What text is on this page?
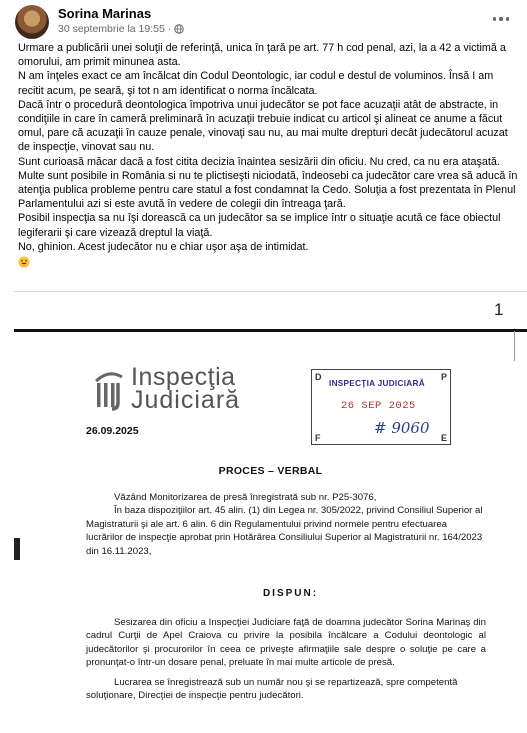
Sorina Marinas
30 septembrie la 19:55 ·

Urmare a publicării unei soluţii de referinţă, unica în ţară pe art. 77 h cod penal, azi, la a 42 a victimă a omorului, am primit minunea asta.

N am înţeles exact ce am încălcat din Codul Deontologic, iar codul e destul de voluminos. Însă I am recitit acum, pe seară, şi tot n am identificat o norma încălcata.

Dacă într o procedură deontologica împotriva unui judecător se pot face acuzaţii atât de abstracte, in condiţiile in care în cameră preliminară în acuzaţii trebuie indicat cu articol şi alineat ce anume a făcut omul, pare că acuzaţii în cauze penale, vinovaţi sau nu, au mai multe drepturi decât judecătorul acuzat de inspecţie, vinovat sau nu.

Sunt curioasă măcar dacă a fost citita decizia înaintea sesizării din oficiu. Nu cred, ca nu era ataşată. Multe sunt posibile in România si nu te plictiseşti niciodată, îndeosebi ca judecător care vrea să aducă în atenţia publica probleme pentru care statul a fost condamnat la Cedo. Soluţia a fost prezentata în Plenul Parlamentului azi si este avută în vedere de colegii din întreaga ţară.

Posibil inspecţia sa nu îşi dorească ca un judecător sa se implice într o situaţie acută ce face obiectul legiferarii şi care vizează dreptul la viaţă.

No, ghinion. Acest judecător nu e chiar uşor aşa de intimidat.

1
Inspecţia
Judiciară
26.09.2025
D	P
F	E
INSPECŢIA JUDICIARĂ
26 SEP 2025
# 9060
PROCES – VERBAL
Văzând Monitorizarea de presă înregistrată sub nr. P25-3076,
În baza dispoziţiilor art. 45 alin. (1) din Legea nr. 305/2022, privind Consiliul Superior al Magistraturii şi ale art. 6 alin. 6 din Regulamentului privind normele pentru efectuarea lucrărilor de inspecţie aprobat prin Hotărârea Consiliului Superior al Magistraturii nr. 164/2023 din 16.11.2023,
DISPUN:
Sesizarea din oficiu a Inspecţiei Judiciare faţă de doamna judecător Sorina Marinaş din cadrul Curţii de Apel Craiova cu privire la posibila încălcare a Codului deontologic al judecătorilor şi procurorilor în ceea ce priveşte afirmaţiile sale despre o soluţie pe care a pronunţat-o într-un dosare penal, preluate în mai multe articole de presă.
Lucrarea se înregistrează sub un număr nou şi se repartizează, spre competentă soluţionare, Direcţiei de inspecţie pentru judecători.
